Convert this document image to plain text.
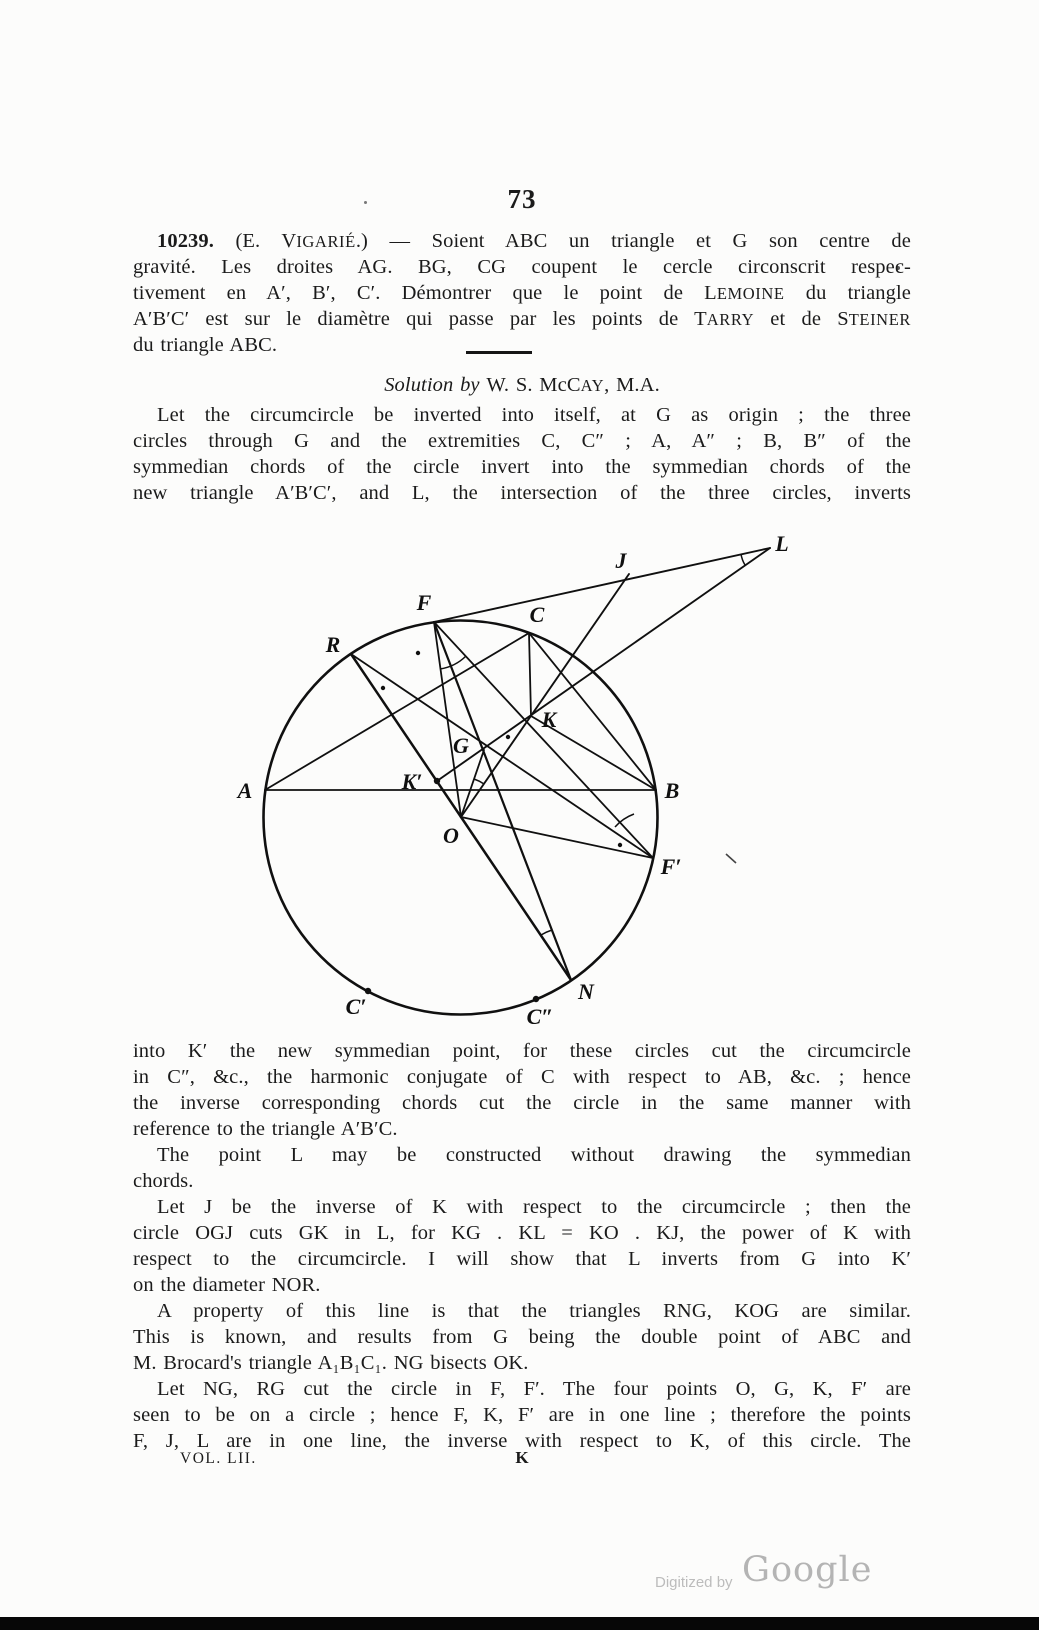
73
10239. (E. VIGARIÉ.) — Soient ABC un triangle et G son centre de
gravité. Les droites AG. BG, CG coupent le cercle circonscrit respec-
tivement en A′, B′, C′. Démontrer que le point de LEMOINE du triangle
A′B′C′ est sur le diamètre qui passe par les points de TARRY et de STEINER
du triangle ABC.
Solution by W. S. McCAY, M.A.
Let the circumcircle be inverted into itself, at G as origin ; the three
circles through G and the extremities C, C″ ; A, A″ ; B, B″ of the
symmedian chords of the circle invert into the symmedian chords of the
new triangle A′B′C′, and L, the intersection of the three circles, inverts
into K′ the new symmedian point, for these circles cut the circumcircle
in C″, &c., the harmonic conjugate of C with respect to AB, &c. ; hence
the inverse corresponding chords cut the circle in the same manner with
reference to the triangle A′B′C.
The point L may be constructed without drawing the symmedian
chords.
Let J be the inverse of K with respect to the circumcircle ; then the
circle OGJ cuts GK in L, for KG . KL = KO . KJ, the power of K with
respect to the circumcircle. I will show that L inverts from G into K′
on the diameter NOR.
A property of this line is that the triangles RNG, KOG are similar.
This is known, and results from G being the double point of ABC and
M. Brocard's triangle A₁B₁C₁. NG bisects OK.
Let NG, RG cut the circle in F, F′. The four points O, G, K, F′ are
seen to be on a circle ; hence F, K, F′ are in one line ; therefore the points
F, J, L are in one line, the inverse with respect to K, of this circle. The
A	B
C
F
R
K
G
K′
O
F′
N
C′	C″
J
L
VOL. LII.	K
Digitized by Google
